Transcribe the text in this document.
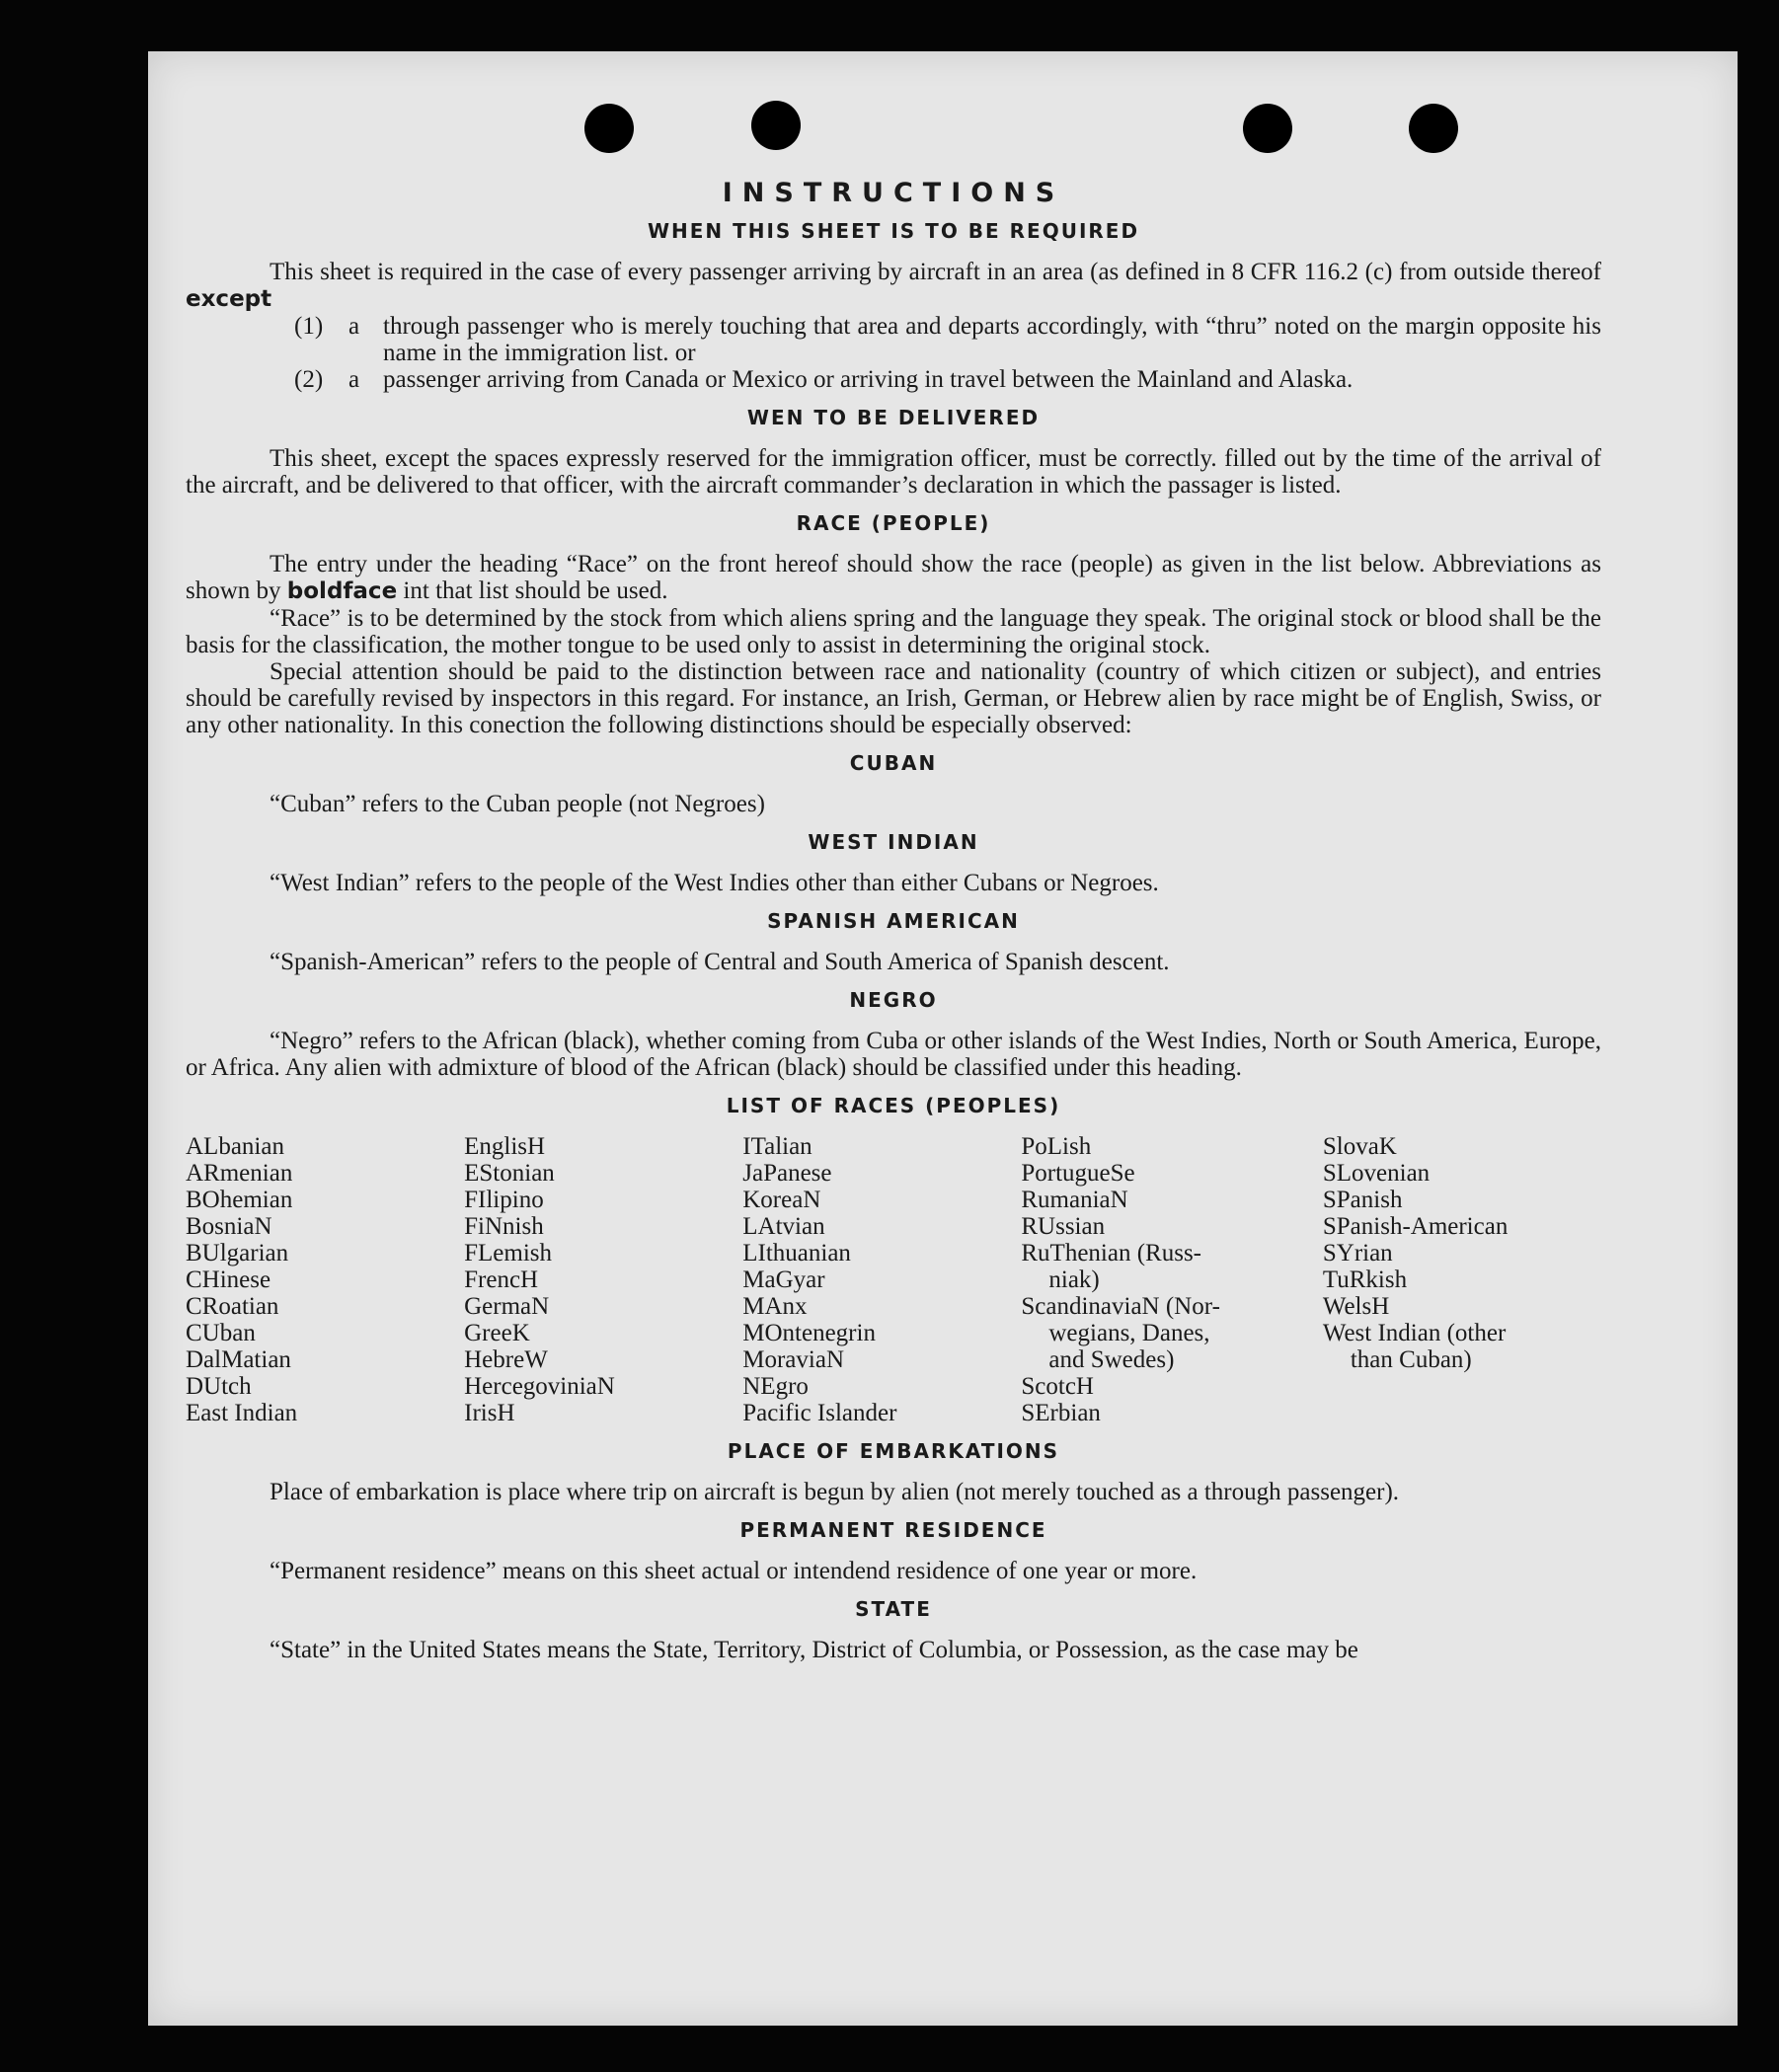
INSTRUCTIONS
WHEN THIS SHEET IS TO BE REQUIRED

This sheet is required in the case of every passenger arriving by aircraft in an area (as defined in 8 CFR 116.2 (c) from outside thereof except

(1) a through passenger who is merely touching that area and departs accordingly, with “thru” noted on the margin opposite his name in the immigration list. or

(2) a passenger arriving from Canada or Mexico or arriving in travel between the Mainland and Alaska.

WEN TO BE DELIVERED

This sheet, except the spaces expressly reserved for the immigration officer, must be correctly. filled out by the time of the arrival of the aircraft, and be delivered to that officer, with the aircraft commander’s declaration in which the passager is listed.

RACE (PEOPLE)

The entry under the heading “Race” on the front hereof should show the race (people) as given in the list below. Abbreviations as shown by boldface int that list should be used.

“Race” is to be determined by the stock from which aliens spring and the language they speak. The original stock or blood shall be the basis for the classification, the mother tongue to be used only to assist in determining the original stock.

Special attention should be paid to the distinction between race and nationality (country of which citizen or subject), and entries should be carefully revised by inspectors in this regard. For instance, an Irish, German, or Hebrew alien by race might be of English, Swiss, or any other nationality. In this conection the following distinctions should be especially observed:

CUBAN

“Cuban” refers to the Cuban people (not Negroes)

WEST INDIAN

“West Indian” refers to the people of the West Indies other than either Cubans or Negroes.

SPANISH AMERICAN

“Spanish-American” refers to the people of Central and South America of Spanish descent.

NEGRO

“Negro” refers to the African (black), whether coming from Cuba or other islands of the West Indies, North or South America, Europe, or Africa. Any alien with admixture of blood of the African (black) should be classified under this heading.

LIST OF RACES (PEOPLES)
ALbanian
ARmenian
BOhemian
BosniaN
BUlgarian
CHinese
CRoatian
CUban
DalMatian
DUtch
East Indian
EnglisH
EStonian
FIlipino
FiNnish
FLemish
FrencH
GermaN
GreeK
HebreW
HercegoviniaN
IrisH
ITalian
JaPanese
KoreaN
LAtvian
LIthuanian
MaGyar
MAnx
MOntenegrin
MoraviaN
NEgro
Pacific Islander
PoLish
PortugueSe
RumaniaN
RUssian
RuThenian (Russ-
niak)
ScandinaviaN (Nor-
wegians, Danes,
and Swedes)
ScotcH
SErbian
SlovaK
SLovenian
SPanish
SPanish-American
SYrian
TuRkish
WelsH
West Indian (other
than Cuban)
PLACE OF EMBARKATIONS

Place of embarkation is place where trip on aircraft is begun by alien (not merely touched as a through passenger).

PERMANENT RESIDENCE

“Permanent residence” means on this sheet actual or intendend residence of one year or more.

STATE

“State” in the United States means the State, Territory, District of Columbia, or Possession, as the case may be
